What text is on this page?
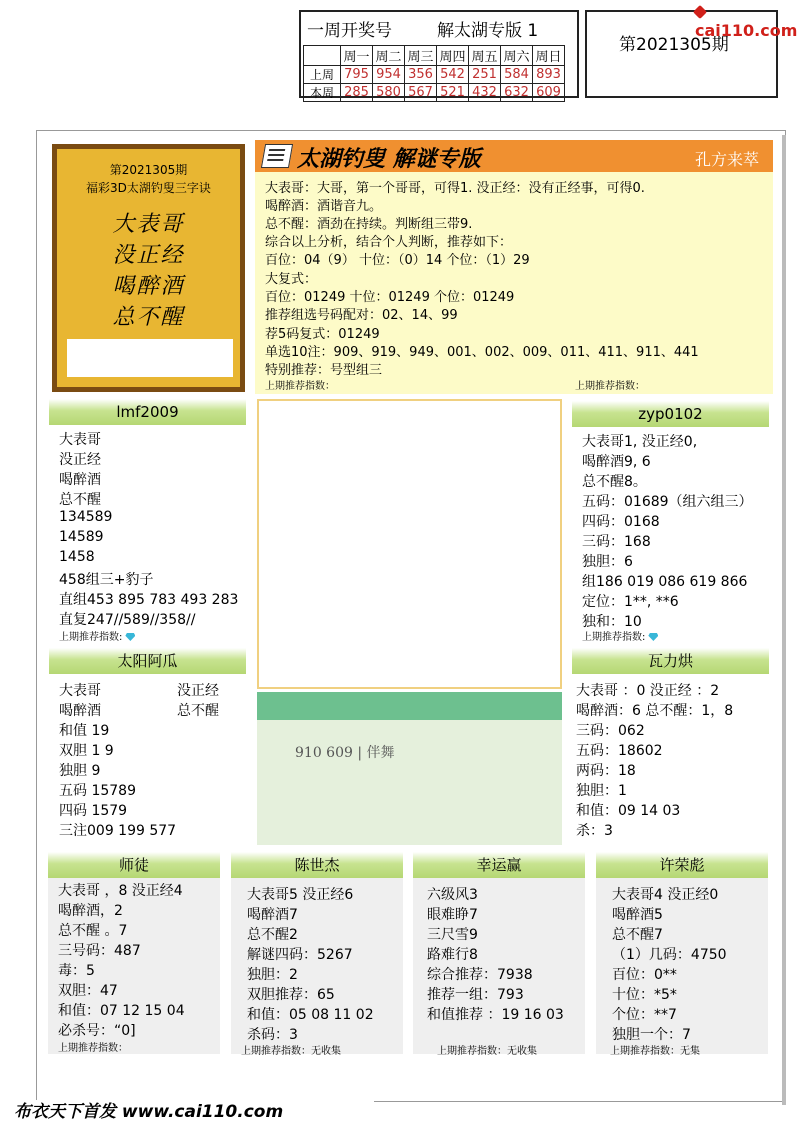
一周开奖号	解太湖专版 1
	周一	周二	周三	周四	周五	周六	周日
上周	795	954	356	542	251	584	893
本周	285	580	567	521	432	632	609
第2021305期
cai110.com
第2021305期
福彩3D太湖钓叟三字诀
大表哥
没正经
喝醉酒
总不醒
太湖钓叟 解谜专版	孔方来萃
大表哥：大哥，第一个哥哥，可得1. 没正经：没有正经事，可得0.
喝醉酒：酒谐音九。
总不醒：酒劲在持续。判断组三带9.
综合以上分析，结合个人判断，推荐如下：
百位：04（9） 十位：（0）14 个位：（1）29
大复式：
百位：01249 十位：01249 个位：01249
推荐组选号码配对：02、14、99
荐5码复式：01249
单选10注：909、919、949、001、002、009、011、411、911、441
特别推荐：号型组三
上期推荐指数：	上期推荐指数：
lmf2009
大表哥
没正经
喝醉酒
总不醒
134589
14589
1458
458组三+豹子
直组453 895 783 493 283
直复247//589//358//
上期推荐指数:
zyp0102
大表哥1, 没正经0,
喝醉酒9, 6
总不醒8。
五码：01689（组六组三）
四码：0168
三码：168
独胆：6
组186 019 086 619 866
定位：1**, **6
独和：10
上期推荐指数:
910 609 | 伴舞
太阳阿瓜
大表哥
喝醉酒
和值 19
双胆 1 9
独胆 9
五码 15789
四码 1579
三注009 199 577
没正经
总不醒
瓦力烘
大表哥 ：0 没正经 ：2
喝醉酒：6 总不醒：1，8
三码：062
五码：18602
两码：18
独胆：1
和值：09 14 03
杀：3
师徒
大表哥 ，8 没正经4
喝醉酒，2
总不醒 。7
三号码：487
毒：5
双胆：47
和值：07 12 15 04
必杀号：“0]
上期推荐指数：
陈世杰
大表哥5 没正经6
喝醉酒7
总不醒2
解谜四码：5267
独胆：2
双胆推荐：65
和值：05 08 11 02
杀码：3
上期推荐指数：无收集
幸运赢
六级风3
眼难睁7
三尺雪9
路难行8
综合推荐：7938
推荐一组：793
和值推荐 ：19 16 03
上期推荐指数：无收集
许荣彪
大表哥4 没正经0
喝醉酒5
总不醒7
（1）几码：4750
百位：0**
十位：*5*
个位：**7
独胆一个：7
上期推荐指数：无集
布衣天下首发 www.cai110.com
